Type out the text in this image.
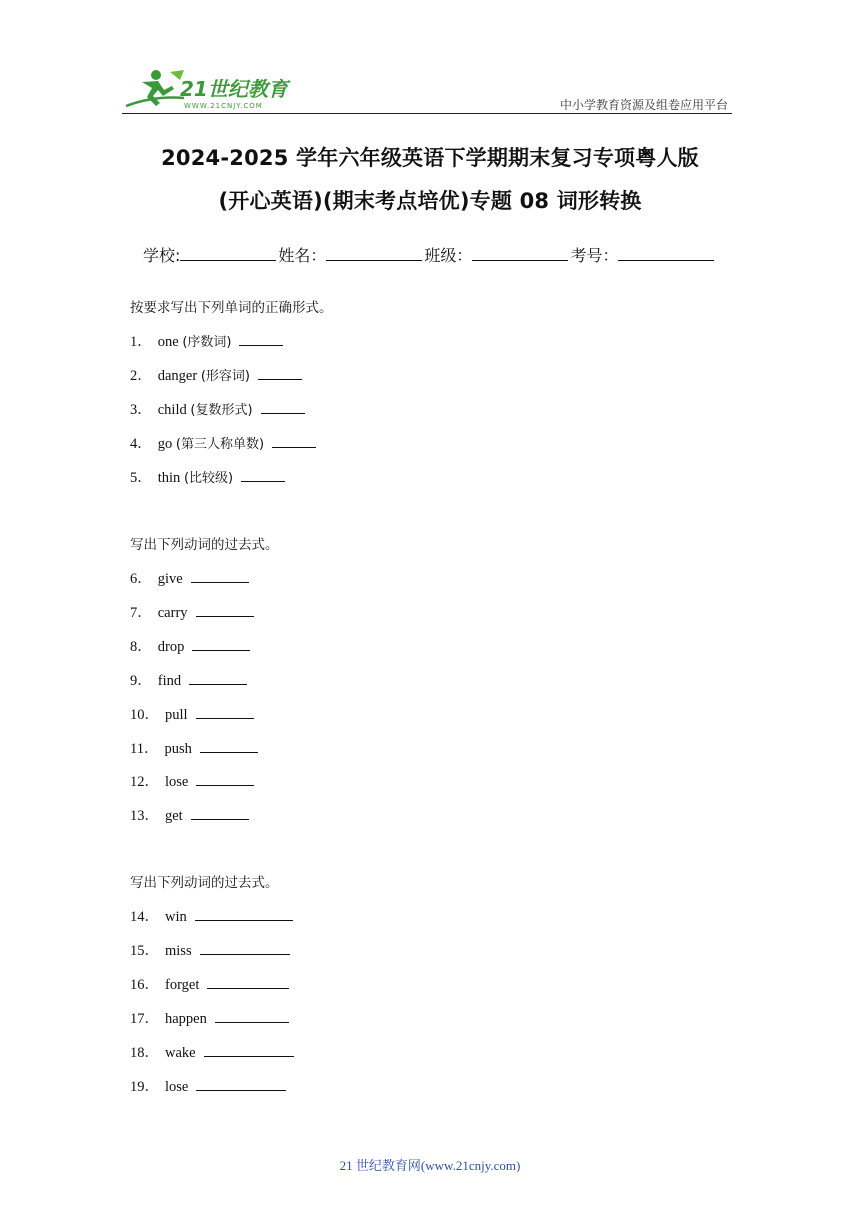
21世纪教育
WWW.21CNJY.COM	中小学教育资源及组卷应用平台
2024-2025 学年六年级英语下学期期末复习专项粤人版
(开心英语)(期末考点培优)专题 08 词形转换
学校:	姓名：	班级：	考号：
按要求写出下列单词的正确形式。
1． one (序数词)
2． danger (形容词)
3． child (复数形式)
4． go (第三人称单数)
5． thin (比较级)
写出下列动词的过去式。
6． give
7． carry
8． drop
9． find
10． pull
11． push
12． lose
13． get
写出下列动词的过去式。
14． win
15． miss
16． forget
17． happen
18． wake
19． lose
21 世纪教育网(www.21cnjy.com)
